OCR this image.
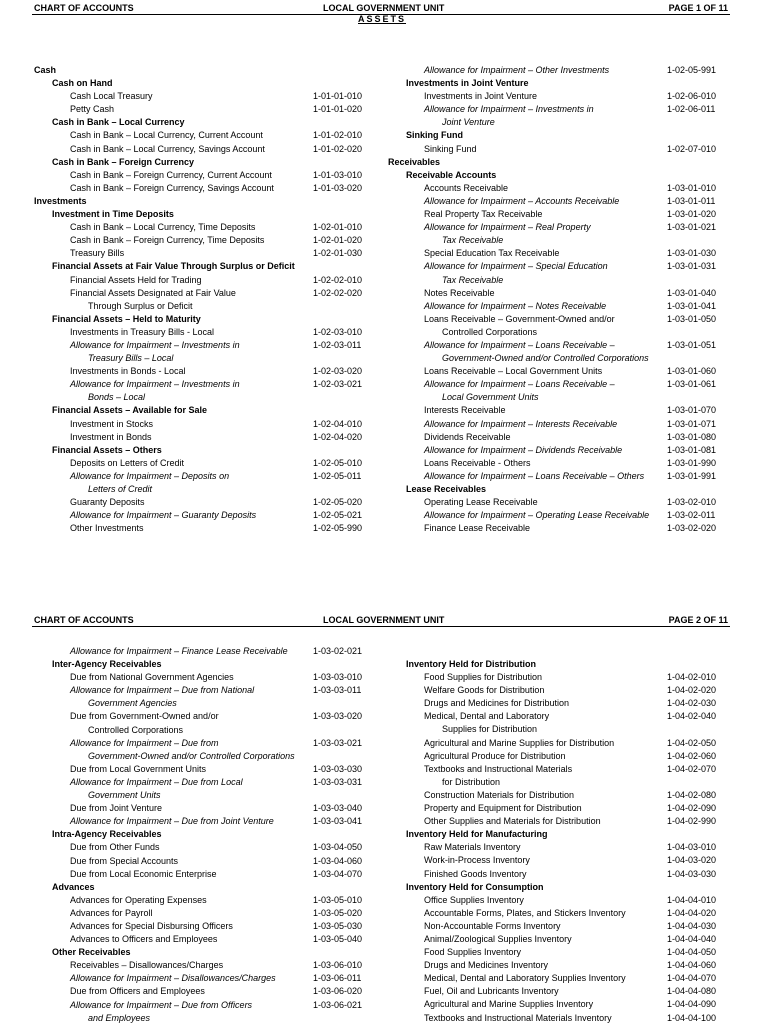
CHART OF ACCOUNTS	LOCAL GOVERNMENT UNIT	PAGE 1 OF 11
ASSETS
Cash
Cash on Hand
Cash Local Treasury	1-01-01-010
Petty Cash	1-01-01-020
Cash in Bank – Local Currency
Cash in Bank – Local Currency, Current Account	1-01-02-010
Cash in Bank – Local Currency, Savings Account	1-01-02-020
Cash in Bank – Foreign Currency
Cash in Bank – Foreign Currency, Current Account	1-01-03-010
Cash in Bank – Foreign Currency, Savings Account	1-01-03-020
Investments
Investment in Time Deposits
Cash in Bank – Local Currency, Time Deposits	1-02-01-010
Cash in Bank – Foreign Currency, Time Deposits	1-02-01-020
Treasury Bills	1-02-01-030
Financial Assets at Fair Value Through Surplus or Deficit
Financial Assets Held for Trading	1-02-02-010
Financial Assets Designated at Fair Value	1-02-02-020
Through Surplus or Deficit
Financial Assets – Held to Maturity
Investments in Treasury Bills - Local	1-02-03-010
Allowance for Impairment – Investments in	1-02-03-011
Treasury Bills – Local
Investments in Bonds - Local	1-02-03-020
Allowance for Impairment – Investments in	1-02-03-021
Bonds – Local
Financial Assets – Available for Sale
Investment in Stocks	1-02-04-010
Investment in Bonds	1-02-04-020
Financial Assets – Others
Deposits on Letters of Credit	1-02-05-010
Allowance for Impairment – Deposits on	1-02-05-011
Letters of Credit
Guaranty Deposits	1-02-05-020
Allowance for Impairment – Guaranty Deposits	1-02-05-021
Other Investments	1-02-05-990
Allowance for Impairment – Other Investments	1-02-05-991
Investments in Joint Venture
Investments in Joint Venture	1-02-06-010
Allowance for Impairment – Investments in	1-02-06-011
Joint Venture
Sinking Fund
Sinking Fund	1-02-07-010
Receivables
Receivable Accounts
Accounts Receivable	1-03-01-010
Allowance for Impairment – Accounts Receivable	1-03-01-011
Real Property Tax Receivable	1-03-01-020
Allowance for Impairment – Real Property	1-03-01-021
Tax Receivable
Special Education Tax Receivable	1-03-01-030
Allowance for Impairment – Special Education	1-03-01-031
Tax Receivable
Notes Receivable	1-03-01-040
Allowance for Impairment – Notes Receivable	1-03-01-041
Loans Receivable – Government-Owned and/or	1-03-01-050
Controlled Corporations
Allowance for Impairment – Loans Receivable –	1-03-01-051
Government-Owned and/or Controlled Corporations
Loans Receivable – Local Government Units	1-03-01-060
Allowance for Impairment – Loans Receivable –	1-03-01-061
Local Government Units
Interests Receivable	1-03-01-070
Allowance for Impairment – Interests Receivable	1-03-01-071
Dividends Receivable	1-03-01-080
Allowance for Impairment – Dividends Receivable	1-03-01-081
Loans Receivable - Others	1-03-01-990
Allowance for Impairment – Loans Receivable – Others	1-03-01-991
Lease Receivables
Operating Lease Receivable	1-03-02-010
Allowance for Impairment – Operating Lease Receivable 1-03-02-011
Finance Lease Receivable	1-03-02-020
CHART OF ACCOUNTS	LOCAL GOVERNMENT UNIT	PAGE 2 OF 11
Allowance for Impairment – Finance Lease Receivable	1-03-02-021
Inter-Agency Receivables
Due from National Government Agencies	1-03-03-010
Allowance for Impairment – Due from National	1-03-03-011
Government Agencies
Due from Government-Owned and/or	1-03-03-020
Controlled Corporations
Allowance for Impairment – Due from	1-03-03-021
Government-Owned and/or Controlled Corporations
Due from Local Government Units	1-03-03-030
Allowance for Impairment – Due from Local	1-03-03-031
Government Units
Due from Joint Venture	1-03-03-040
Allowance for Impairment – Due from Joint Venture	1-03-03-041
Intra-Agency Receivables
Due from Other Funds	1-03-04-050
Due from Special Accounts	1-03-04-060
Due from Local Economic Enterprise	1-03-04-070
Advances
Advances for Operating Expenses	1-03-05-010
Advances for Payroll	1-03-05-020
Advances for Special Disbursing Officers	1-03-05-030
Advances to Officers and Employees	1-03-05-040
Other Receivables
Receivables – Disallowances/Charges	1-03-06-010
Allowance for Impairment – Disallowances/Charges	1-03-06-011
Due from Officers and Employees	1-03-06-020
Allowance for Impairment – Due from Officers	1-03-06-021
and Employees
Inventory Held for Distribution
Food Supplies for Distribution	1-04-02-010
Welfare Goods for Distribution	1-04-02-020
Drugs and Medicines for Distribution	1-04-02-030
Medical, Dental and Laboratory	1-04-02-040
Supplies for Distribution
Agricultural and Marine Supplies for Distribution	1-04-02-050
Agricultural Produce for Distribution	1-04-02-060
Textbooks and Instructional Materials	1-04-02-070
for Distribution
Construction Materials for Distribution	1-04-02-080
Property and Equipment for Distribution	1-04-02-090
Other Supplies and Materials for Distribution	1-04-02-990
Inventory Held for Manufacturing
Raw Materials Inventory	1-04-03-010
Work-in-Process Inventory	1-04-03-020
Finished Goods Inventory	1-04-03-030
Inventory Held for Consumption
Office Supplies Inventory	1-04-04-010
Accountable Forms, Plates, and Stickers Inventory	1-04-04-020
Non-Accountable Forms Inventory	1-04-04-030
Animal/Zoological Supplies Inventory	1-04-04-040
Food Supplies Inventory	1-04-04-050
Drugs and Medicines Inventory	1-04-04-060
Medical, Dental and Laboratory Supplies Inventory	1-04-04-070
Fuel, Oil and Lubricants Inventory	1-04-04-080
Agricultural and Marine Supplies Inventory	1-04-04-090
Textbooks and Instructional Materials Inventory	1-04-04-100
